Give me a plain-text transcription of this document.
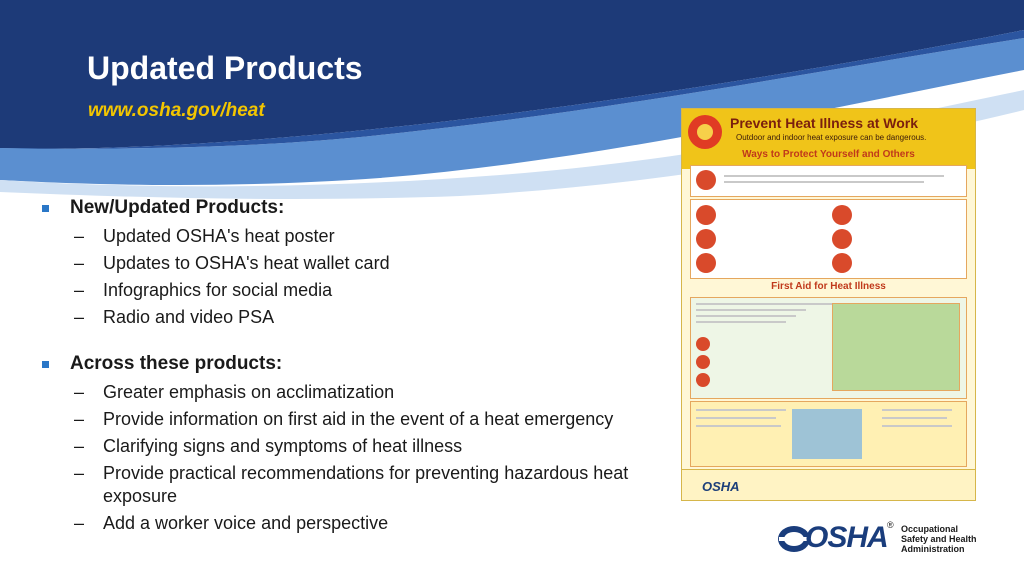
Updated Products
www.osha.gov/heat
New/Updated Products:
– Updated OSHA's heat poster
– Updates to OSHA's heat wallet card
– Infographics for social media
– Radio and video PSA
Across these products:
– Greater emphasis on acclimatization
– Provide information on first aid in the event of a heat emergency
– Clarifying signs and symptoms of heat illness
– Provide practical recommendations for preventing hazardous heat exposure
– Add a worker voice and perspective
Prevent Heat Illness at Work
Outdoor and indoor heat exposure can be dangerous.
Ways to Protect Yourself and Others
First Aid for Heat Illness
OSHA
OSHA ® Occupational
Safety and Health
Administration
